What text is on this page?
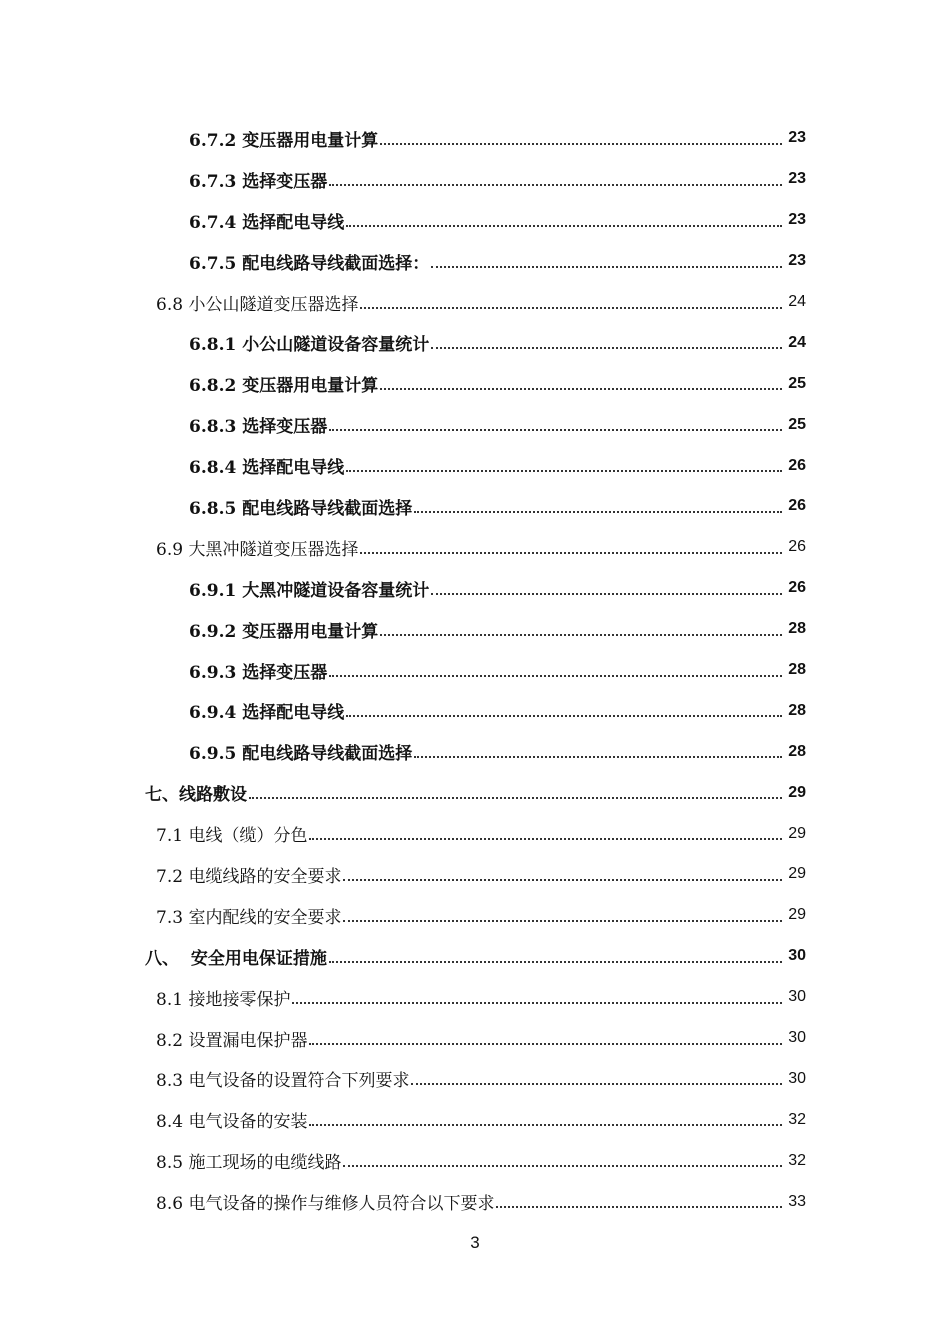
6.7.2 变压器用电量计算	23
6.7.3 选择变压器	23
6.7.4 选择配电导线	23
6.7.5 配电线路导线截面选择：	23
6.8 小公山隧道变压器选择	24
6.8.1 小公山隧道设备容量统计	24
6.8.2 变压器用电量计算	25
6.8.3 选择变压器	25
6.8.4 选择配电导线	26
6.8.5 配电线路导线截面选择	26
6.9 大黑冲隧道变压器选择	26
6.9.1 大黑冲隧道设备容量统计	26
6.9.2 变压器用电量计算	28
6.9.3 选择变压器	28
6.9.4 选择配电导线	28
6.9.5 配电线路导线截面选择	28
七、线路敷设	29
7.1 电线（缆）分色	29
7.2 电缆线路的安全要求	29
7.3 室内配线的安全要求	29
八、  安全用电保证措施	30
8.1 接地接零保护	30
8.2 设置漏电保护器	30
8.3 电气设备的设置符合下列要求	30
8.4 电气设备的安装	32
8.5 施工现场的电缆线路	32
8.6 电气设备的操作与维修人员符合以下要求	33
3
